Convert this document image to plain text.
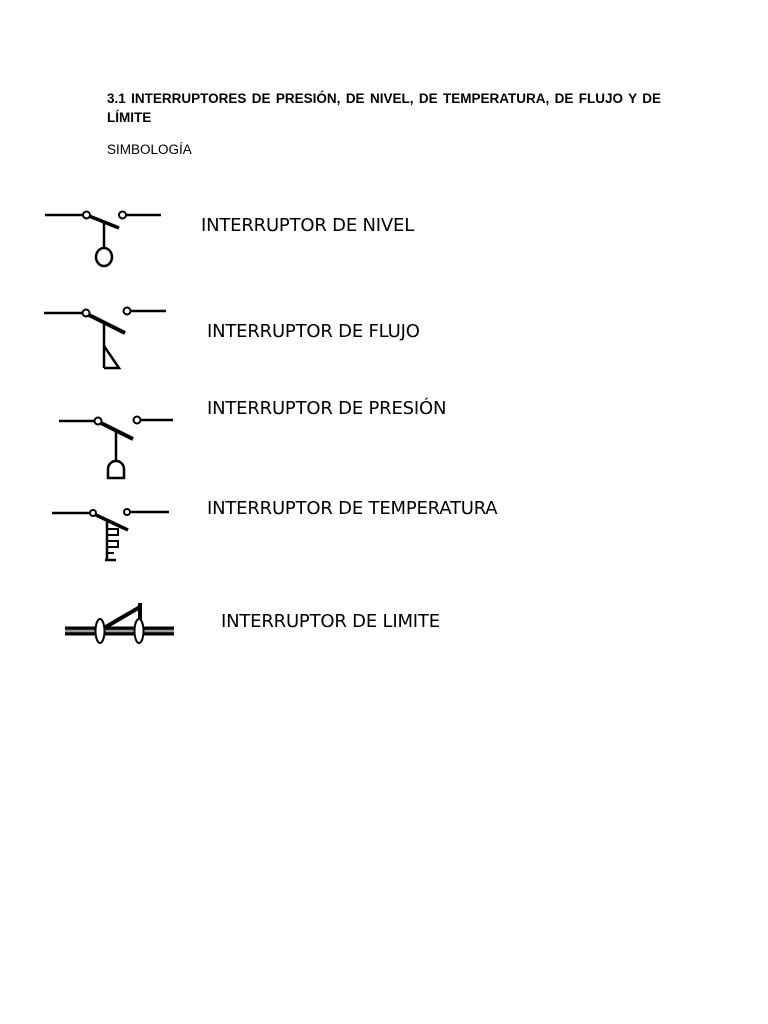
3.1 INTERRUPTORES DE PRESIÓN, DE NIVEL, DE TEMPERATURA, DE FLUJO Y DE LÍMITE

SIMBOLOGÍA

INTERRUPTOR DE NIVEL

INTERRUPTOR DE FLUJO

INTERRUPTOR DE PRESIÓN

INTERRUPTOR DE TEMPERATURA

INTERRUPTOR DE LIMITE
